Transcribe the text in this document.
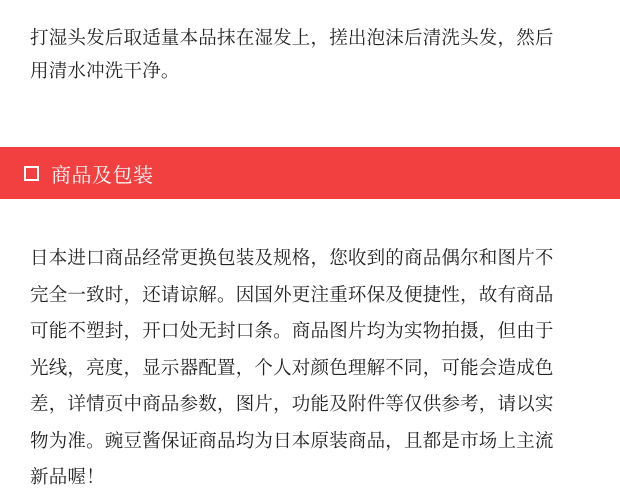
打湿头发后取适量本品抹在湿发上，搓出泡沫后清洗头发，然后
用清水冲洗干净。
商品及包装
日本进口商品经常更换包装及规格，您收到的商品偶尔和图片不
完全一致时，还请谅解。因国外更注重环保及便捷性，故有商品
可能不塑封，开口处无封口条。商品图片均为实物拍摄，但由于
光线，亮度，显示器配置，个人对颜色理解不同，可能会造成色
差，详情页中商品参数，图片，功能及附件等仅供参考，请以实
物为准。豌豆酱保证商品均为日本原装商品，且都是市场上主流
新品喔！
